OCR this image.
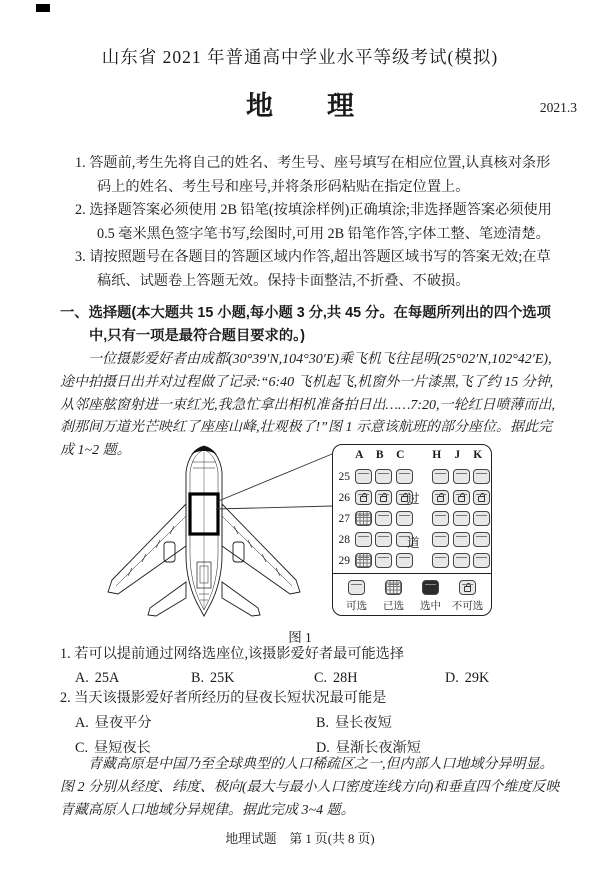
山东省 2021 年普通高中学业水平等级考试(模拟)
地　　理	2021.3
1. 答题前,考生先将自己的姓名、考生号、座号填写在相应位置,认真核对条形码上的姓名、考生号和座号,并将条形码粘贴在指定位置上。
2. 选择题答案必须使用 2B 铅笔(按填涂样例)正确填涂;非选择题答案必须使用 0.5 毫米黑色签字笔书写,绘图时,可用 2B 铅笔作答,字体工整、笔迹清楚。
3. 请按照题号在各题目的答题区域内作答,超出答题区域书写的答案无效;在草稿纸、试题卷上答题无效。保持卡面整洁,不折叠、不破损。
一、选择题(本大题共 15 小题,每小题 3 分,共 45 分。在每题所列出的四个选项中,只有一项是最符合题目要求的。)
一位摄影爱好者由成都(30°39′N,104°30′E)乘飞机飞往昆明(25°02′N,102°42′E),途中拍摄日出并对过程做了记录:“6:40 飞机起飞,机窗外一片漆黑,飞了约 15 分钟,从邻座舷窗射进一束红光,我急忙拿出相机准备拍日出……7:20,一轮红日喷薄而出,刹那间万道光芒映红了座座山峰,壮观极了!”图 1 示意该航班的部分座位。据此完成 1~2 题。	A	B	C	H	J	K
25
26
27
28
29
过
道
可选 已选 选中 不可选
图 1
1. 若可以提前通过网络选座位,该摄影爱好者最可能选择
A. 25A	B. 25K	C. 28H	D. 29K
2. 当天该摄影爱好者所经历的昼夜长短状况最可能是
A. 昼夜平分	B. 昼长夜短
C. 昼短夜长	D. 昼渐长夜渐短
青藏高原是中国乃至全球典型的人口稀疏区之一,但内部人口地域分异明显。图 2 分别从经度、纬度、极向(最大与最小人口密度连线方向)和垂直四个维度反映青藏高原人口地域分异规律。据此完成 3~4 题。
地理试题　第 1 页(共 8 页)
